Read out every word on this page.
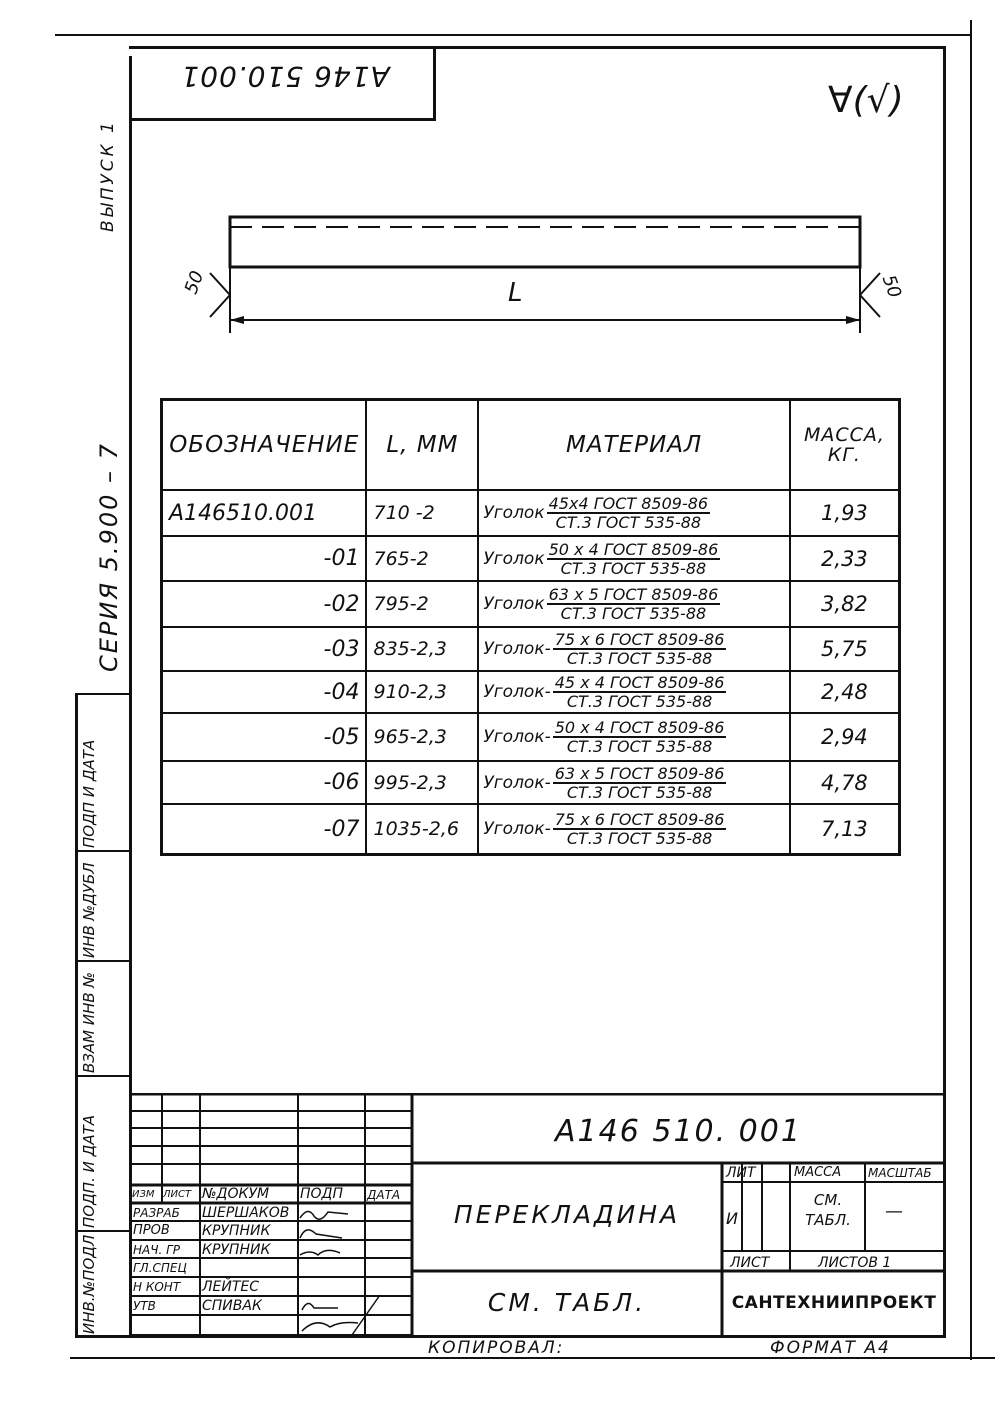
ВЫПУСК 1
СЕРИЯ 5.900 – 7
ПОДП И ДАТА
ИНВ №ДУБЛ
ВЗАМ ИНВ №
ПОДП. И ДАТА
ИНВ.№ПОДЛ
А146 510.001
∀(√)
50	50
L
ОБОЗНАЧЕНИЕ	L, ММ	МАТЕРИАЛ	МАССА, КГ.
А146510.001	710 -2	Уголок $\frac{\text{45x4 ГОСТ 8509-86}}{\text{СТ.3 ГОСТ 535-88}}$	1,93
-01	765-2	Уголок $\frac{\text{50 x 4 ГОСТ 8509-86}}{\text{СТ.3 ГОСТ 535-88}}$	2,33
-02	795-2	Уголок $\frac{\text{63 x 5 ГОСТ 8509-86}}{\text{СТ.3 ГОСТ 535-88}}$	3,82
-03	835-2,3	Уголок- $\frac{\text{75 x 6 ГОСТ 8509-86}}{\text{СТ.3 ГОСТ 535-88}}$	5,75
-04	910-2,3	Уголок- $\frac{\text{45 x 4 ГОСТ 8509-86}}{\text{СТ.3 ГОСТ 535-88}}$	2,48
-05	965-2,3	Уголок- $\frac{\text{50 x 4 ГОСТ 8509-86}}{\text{СТ.3 ГОСТ 535-88}}$	2,94
-06	995-2,3	Уголок- $\frac{\text{63 x 5 ГОСТ 8509-86}}{\text{СТ.3 ГОСТ 535-88}}$	4,78
-07	1035-2,6	Уголок- $\frac{\text{75 x 6 ГОСТ 8509-86}}{\text{СТ.3 ГОСТ 535-88}}$	7,13
А146 510. 001
ПЕРЕКЛАДИНА
СМ. ТАБЛ.
ИЗМ ЛИСТ №ДОКУМ ПОДП ДАТА
РАЗРАБ ШЕРШАКОВ
ПРОВ КРУПНИК
НАЧ. ГР КРУПНИК
ГЛ.СПЕЦ
Н КОНТ ЛЕЙТЕС
УТВ	СПИВАК
ЛИТ
И
МАССА
СМ. ТАБЛ.
МАСШТАБ
—
ЛИСТ	ЛИСТОВ 1
САНТЕХНИИПРОЕКТ
КОПИРОВАЛ:	ФОРМАТ А4
